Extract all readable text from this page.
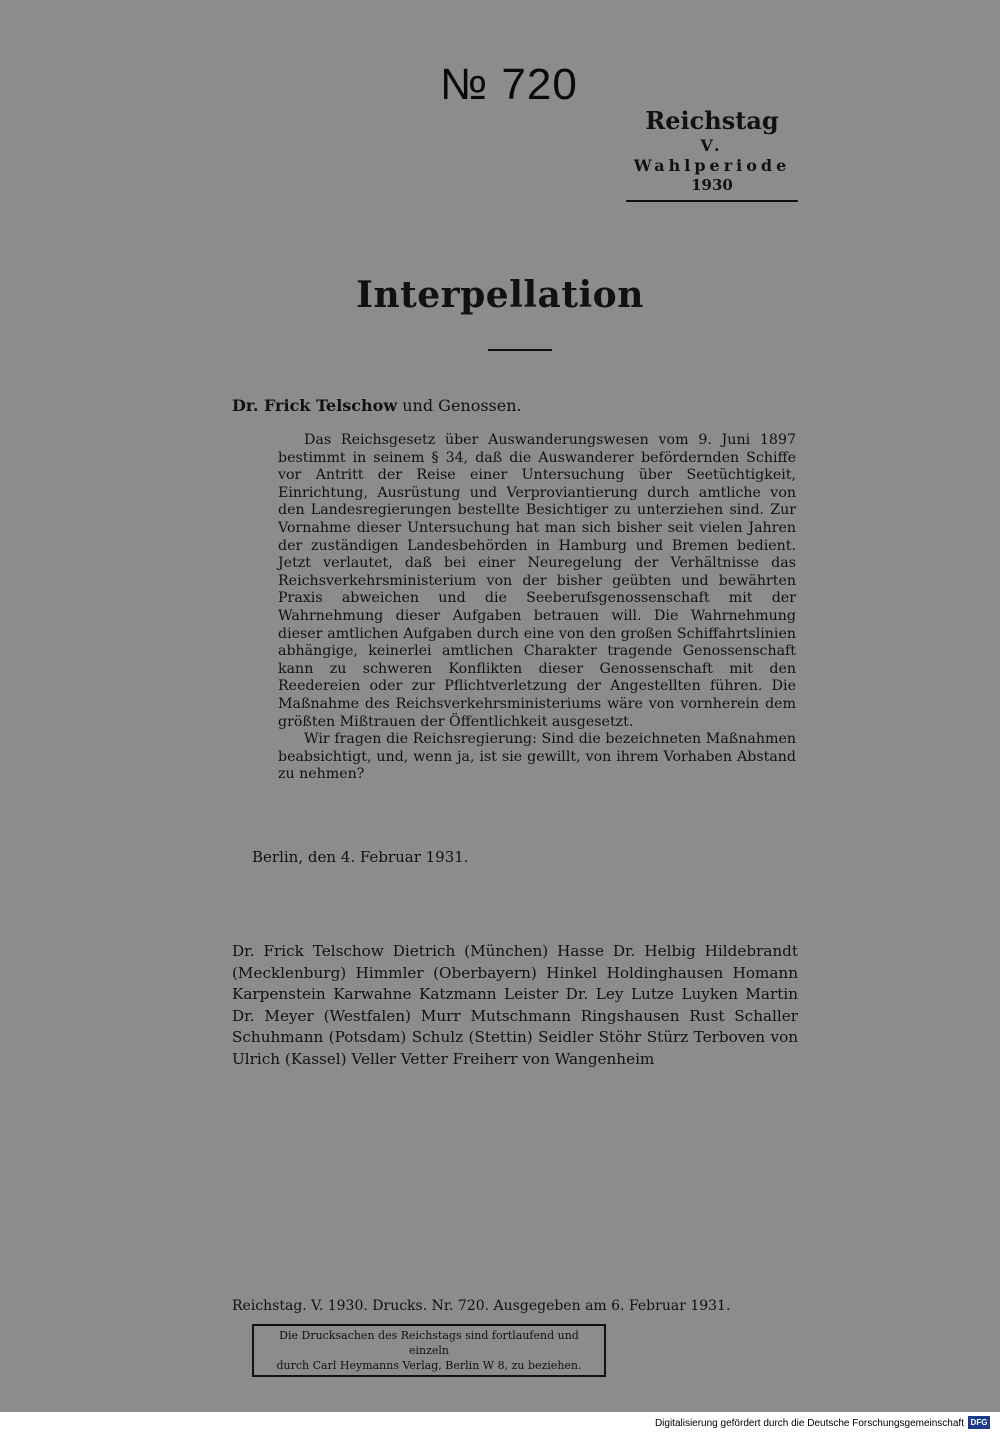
№ 720
Reichstag
V. Wahlperiode
1930
Interpellation
Dr. Frick Telschow und Genossen.

Das Reichsgesetz über Auswanderungswesen vom 9. Juni 1897 bestimmt in seinem § 34, daß die Auswanderer befördernden Schiffe vor Antritt der Reise einer Untersuchung über Seetüchtigkeit, Einrichtung, Ausrüstung und Verproviantierung durch amtliche von den Landesregierungen bestellte Besichtiger zu unterziehen sind. Zur Vornahme dieser Untersuchung hat man sich bisher seit vielen Jahren der zuständigen Landesbehörden in Hamburg und Bremen bedient. Jetzt verlautet, daß bei einer Neuregelung der Verhältnisse das Reichsverkehrsministerium von der bisher geübten und bewährten Praxis abweichen und die Seeberufsgenossenschaft mit der Wahrnehmung dieser Aufgaben betrauen will. Die Wahrnehmung dieser amtlichen Aufgaben durch eine von den großen Schiffahrtslinien abhängige, keinerlei amtlichen Charakter tragende Genossenschaft kann zu schweren Konflikten dieser Genossenschaft mit den Reedereien oder zur Pflichtverletzung der Angestellten führen. Die Maßnahme des Reichsverkehrsministeriums wäre von vornherein dem größten Mißtrauen der Öffentlichkeit ausgesetzt.

Wir fragen die Reichsregierung: Sind die bezeichneten Maßnahmen beabsichtigt, und, wenn ja, ist sie gewillt, von ihrem Vorhaben Abstand zu nehmen?

Berlin, den 4. Februar 1931.
Dr. Frick Telschow Dietrich (München) Hasse Dr. Helbig Hildebrandt (Mecklenburg) Himmler (Oberbayern) Hinkel Holdinghausen Homann Karpenstein Karwahne Katzmann Leister Dr. Ley Lutze Luyken Martin Dr. Meyer (Westfalen) Murr Mutschmann Ringshausen Rust Schaller Schuhmann (Potsdam) Schulz (Stettin) Seidler Stöhr Stürz Terboven von Ulrich (Kassel) Veller Vetter Freiherr von Wangenheim
Reichstag. V. 1930. Drucks. Nr. 720. Ausgegeben am 6. Februar 1931.
Die Drucksachen des Reichstags sind fortlaufend und einzeln
durch Carl Heymanns Verlag, Berlin W 8, zu beziehen.
Digitalisierung gefördert durch die Deutsche Forschungsgemeinschaft DFG
